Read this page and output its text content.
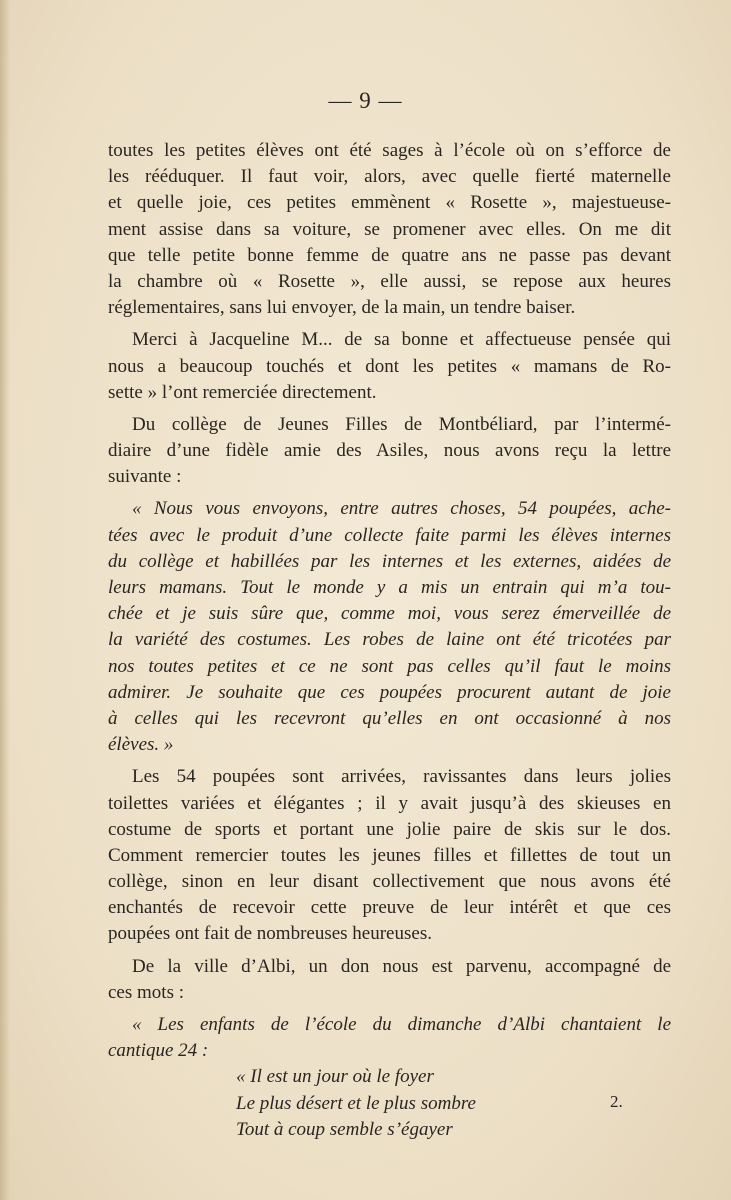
— 9 —
toutes les petites élèves ont été sages à l’école où on s’efforce de
les rééduquer. Il faut voir, alors, avec quelle fierté maternelle
et quelle joie, ces petites emmènent « Rosette », majestueuse-
ment assise dans sa voiture, se promener avec elles. On me dit
que telle petite bonne femme de quatre ans ne passe pas devant
la chambre où « Rosette », elle aussi, se repose aux heures
réglementaires, sans lui envoyer, de la main, un tendre baiser.
Merci à Jacqueline M... de sa bonne et affectueuse pensée qui
nous a beaucoup touchés et dont les petites « mamans de Ro-
sette » l’ont remerciée directement.
Du collège de Jeunes Filles de Montbéliard, par l’intermé-
diaire d’une fidèle amie des Asiles, nous avons reçu la lettre
suivante :
« Nous vous envoyons, entre autres choses, 54 poupées, ache-
tées avec le produit d’une collecte faite parmi les élèves internes
du collège et habillées par les internes et les externes, aidées de
leurs mamans. Tout le monde y a mis un entrain qui m’a tou-
chée et je suis sûre que, comme moi, vous serez émerveillée de
la variété des costumes. Les robes de laine ont été tricotées par
nos toutes petites et ce ne sont pas celles qu’il faut le moins
admirer. Je souhaite que ces poupées procurent autant de joie
à celles qui les recevront qu’elles en ont occasionné à nos
élèves. »
Les 54 poupées sont arrivées, ravissantes dans leurs jolies
toilettes variées et élégantes ; il y avait jusqu’à des skieuses en
costume de sports et portant une jolie paire de skis sur le dos.
Comment remercier toutes les jeunes filles et fillettes de tout un
collège, sinon en leur disant collectivement que nous avons été
enchantés de recevoir cette preuve de leur intérêt et que ces
poupées ont fait de nombreuses heureuses.
De la ville d’Albi, un don nous est parvenu, accompagné de
ces mots :
« Les enfants de l’école du dimanche d’Albi chantaient le
cantique 24 :
« Il est un jour où le foyer
Le plus désert et le plus sombre
Tout à coup semble s’égayer
2.
